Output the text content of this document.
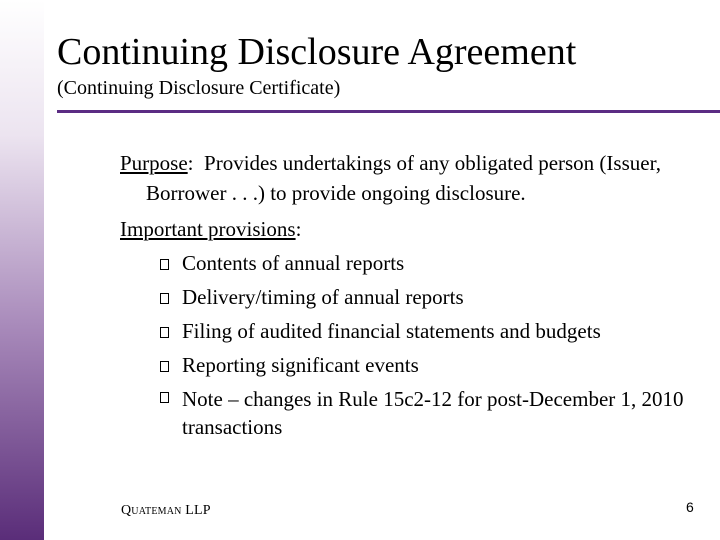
Continuing Disclosure Agreement
(Continuing Disclosure Certificate)
Purpose:  Provides undertakings of any obligated person (Issuer, Borrower . . .) to provide ongoing disclosure.
Important provisions:
Contents of annual reports
Delivery/timing of annual reports
Filing of audited financial statements and budgets
Reporting significant events
Note – changes in Rule 15c2-12 for post-December 1, 2010 transactions
Quateman LLP	6
